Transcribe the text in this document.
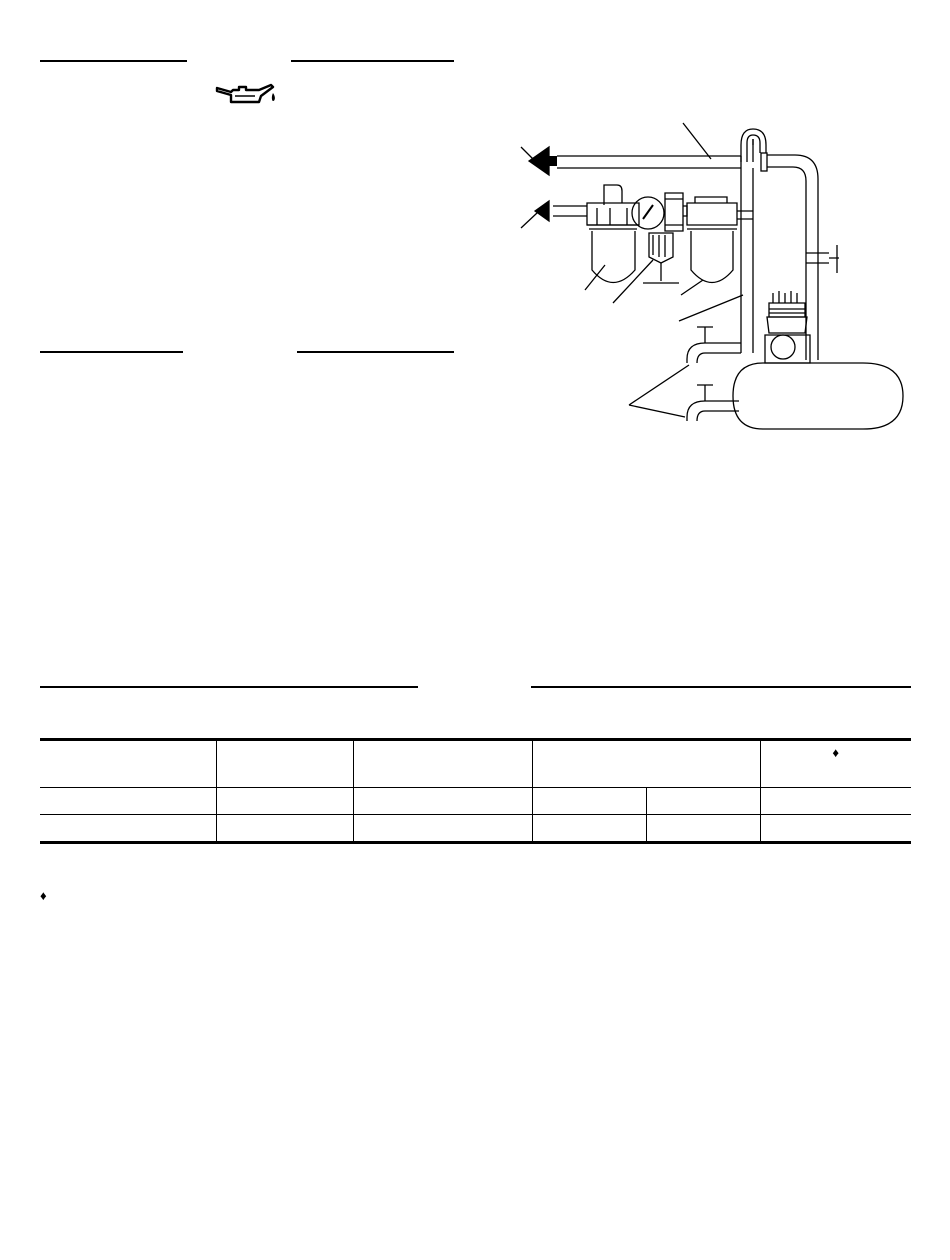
					♦

♦
